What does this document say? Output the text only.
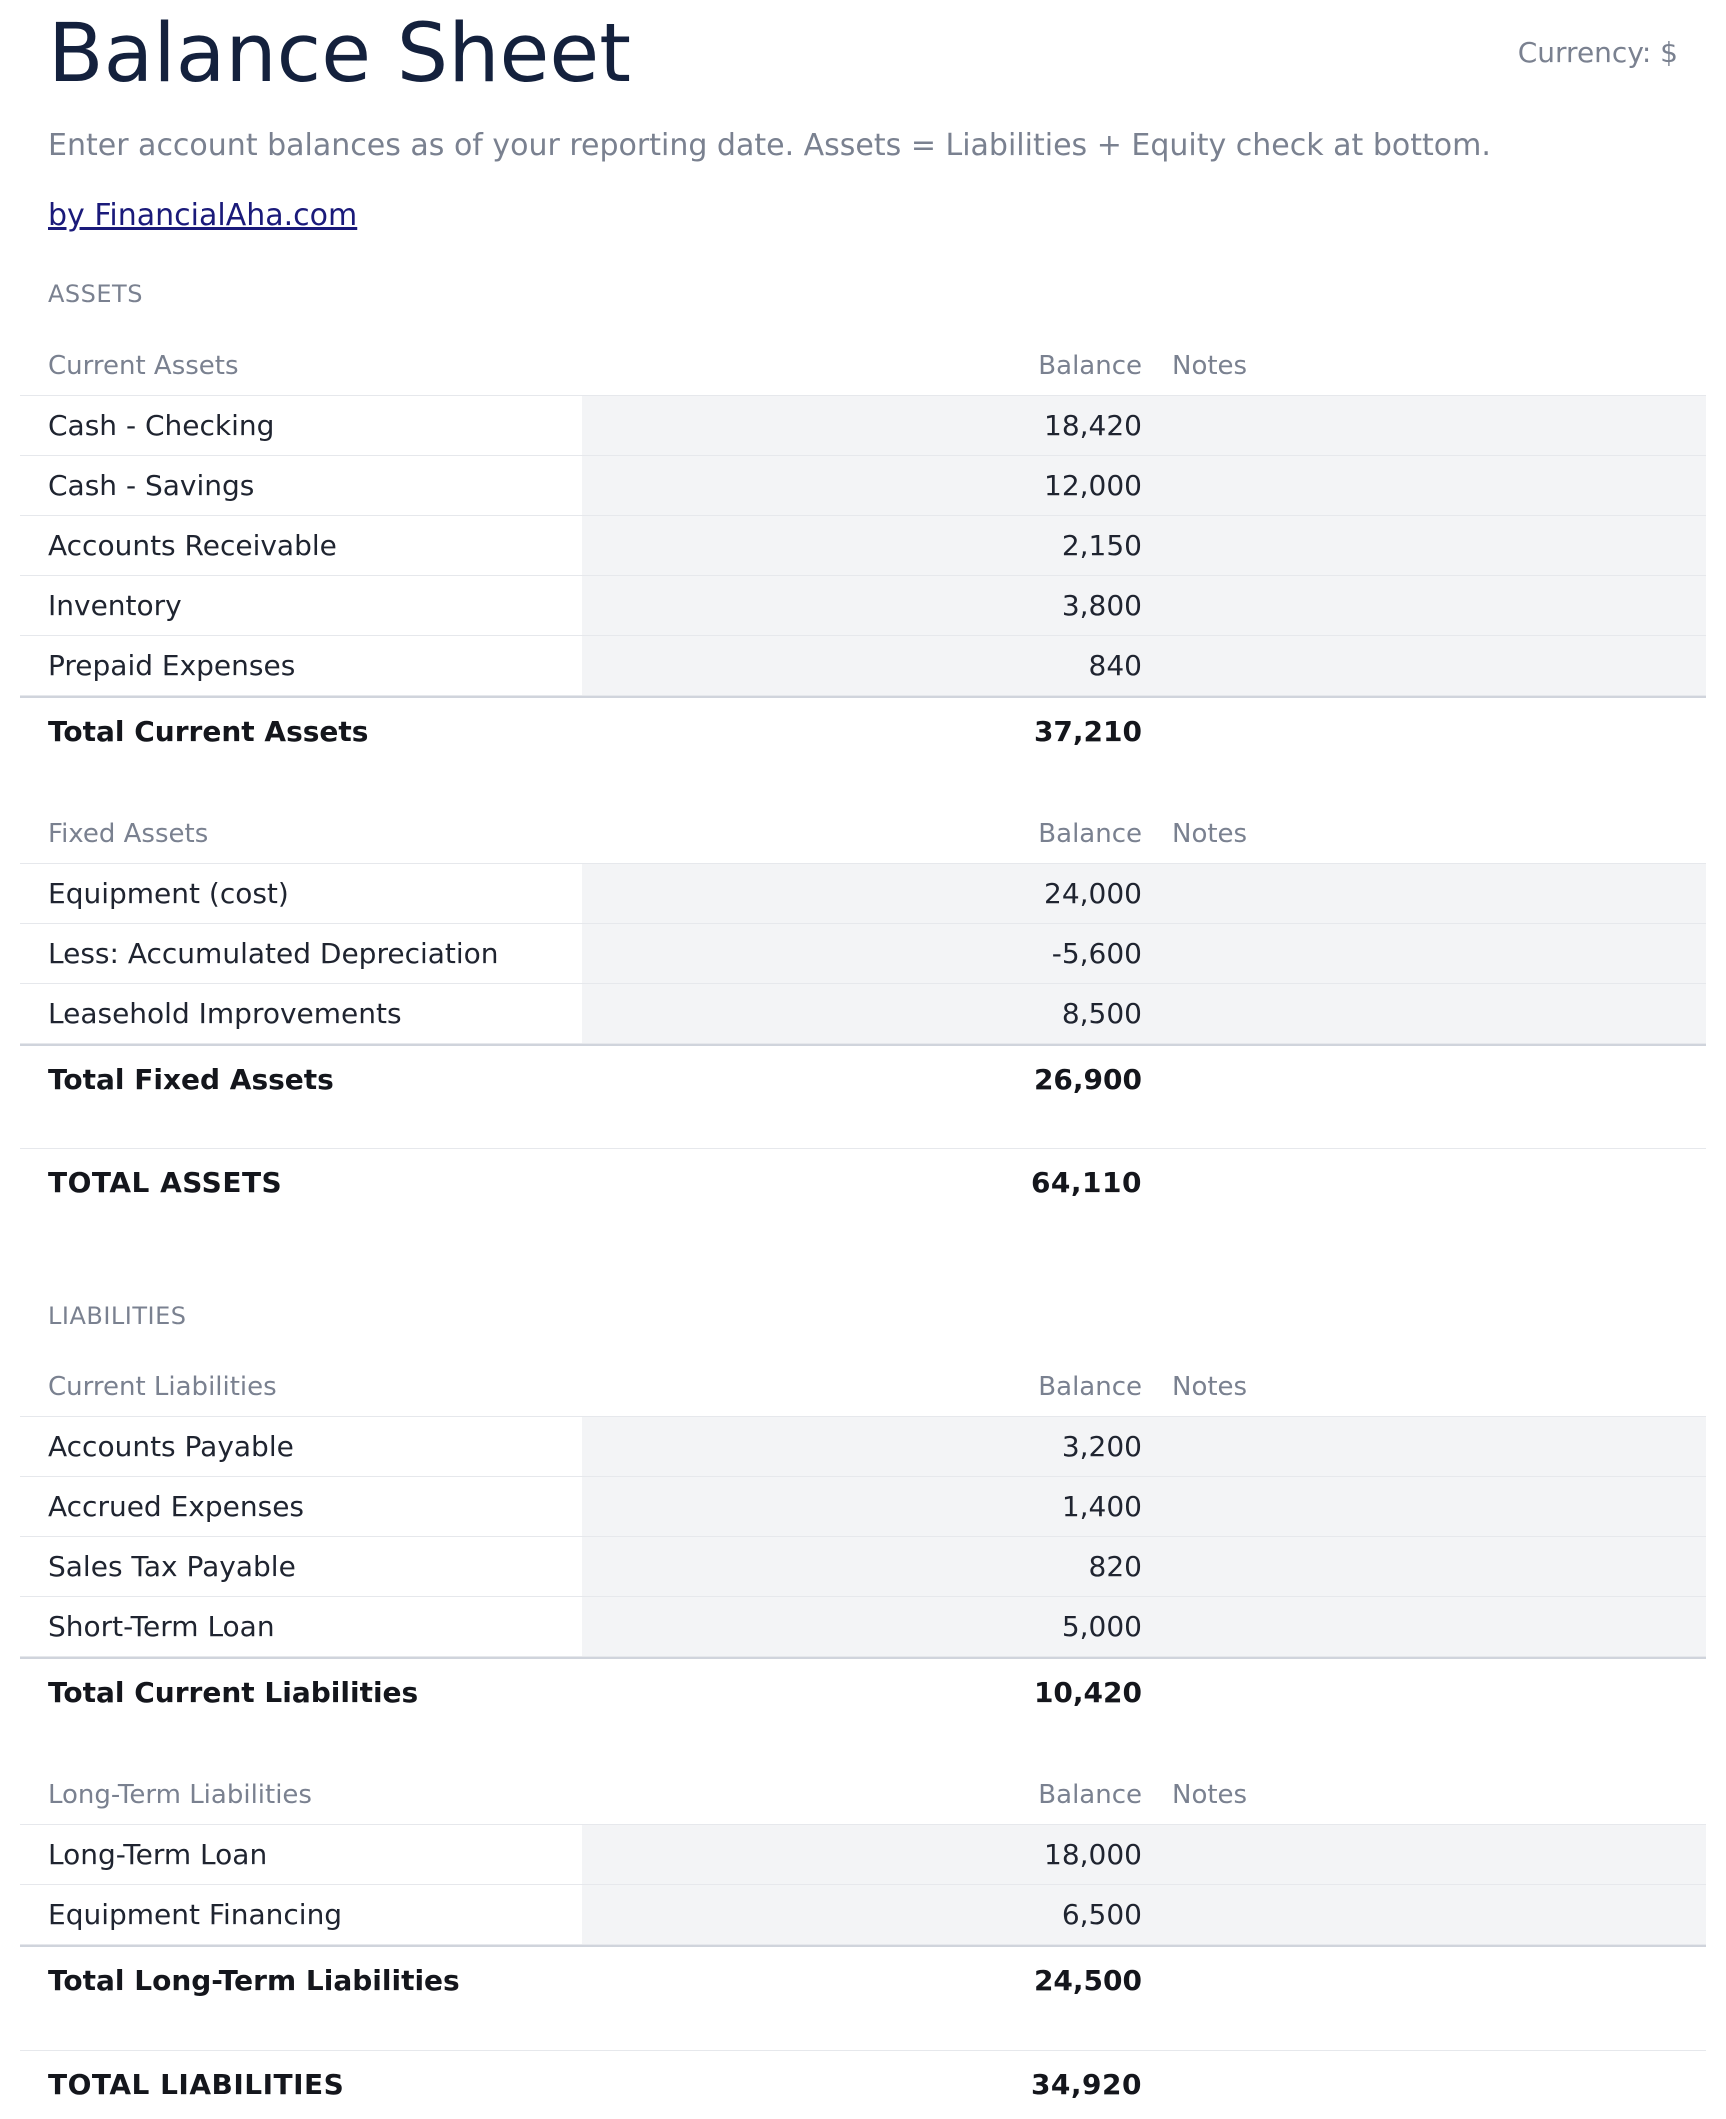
Balance Sheet	Currency: $
Enter account balances as of your reporting date. Assets = Liabilities + Equity check at bottom.
by FinancialAha.com
ASSETS
Current Assets	Balance Notes
Cash - Checking	18,420
Cash - Savings	12,000
Accounts Receivable	2,150
Inventory	3,800
Prepaid Expenses	840
Total Current Assets	37,210
Fixed Assets	Balance Notes
Equipment (cost)	24,000
Less: Accumulated Depreciation	-5,600
Leasehold Improvements	8,500
Total Fixed Assets	26,900
TOTAL ASSETS	64,110
LIABILITIES
Current Liabilities	Balance Notes
Accounts Payable	3,200
Accrued Expenses	1,400
Sales Tax Payable	820
Short-Term Loan	5,000
Total Current Liabilities	10,420
Long-Term Liabilities	Balance Notes
Long-Term Loan	18,000
Equipment Financing	6,500
Total Long-Term Liabilities	24,500
TOTAL LIABILITIES	34,920
